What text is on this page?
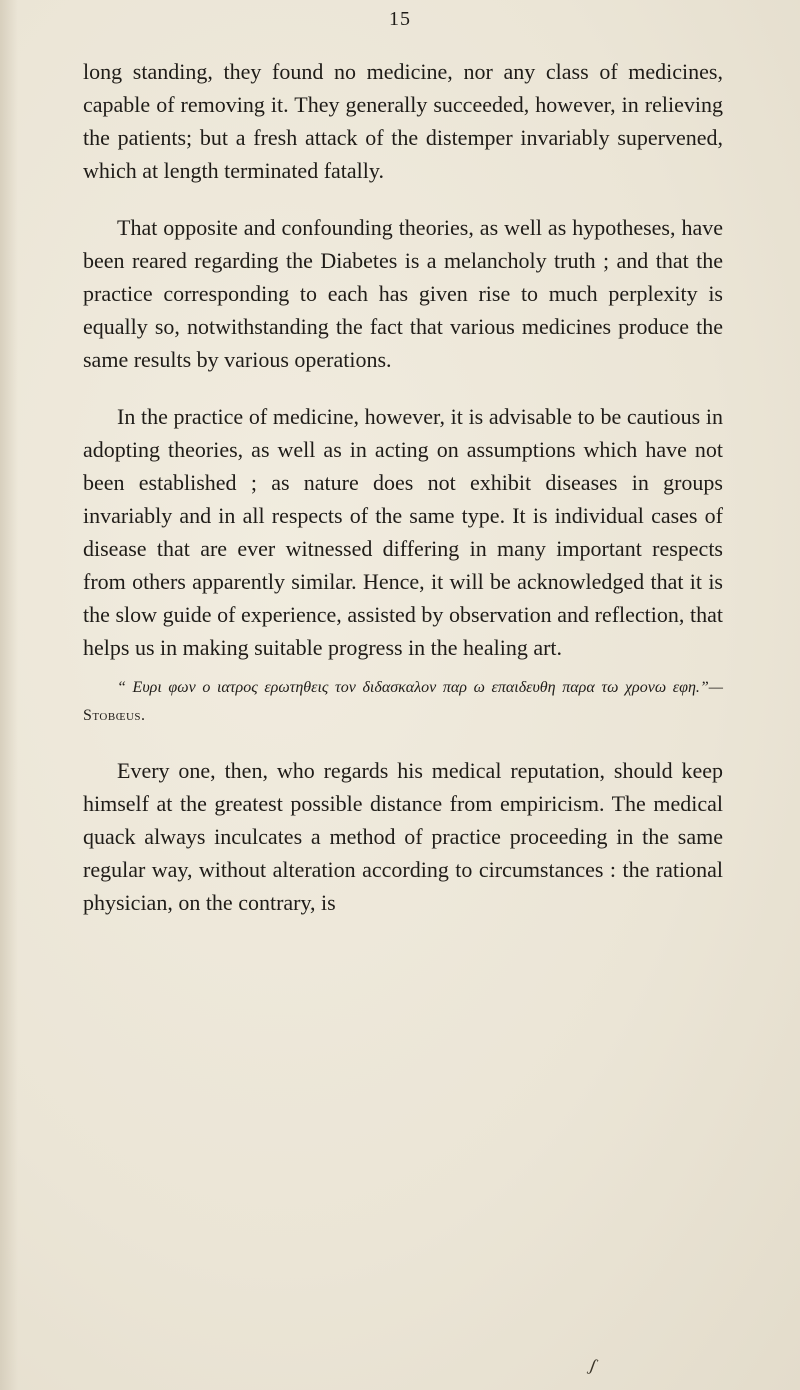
15

long standing, they found no medicine, nor any class of medicines, capable of removing it. They generally succeeded, however, in relieving the patients; but a fresh attack of the distemper invariably supervened, which at length terminated fatally.

That opposite and confounding theories, as well as hypotheses, have been reared regarding the Diabetes is a melancholy truth ; and that the practice corresponding to each has given rise to much perplexity is equally so, notwithstanding the fact that various medicines produce the same results by various operations.

In the practice of medicine, however, it is advisable to be cautious in adopting theories, as well as in acting on assumptions which have not been established ; as nature does not exhibit diseases in groups invariably and in all respects of the same type. It is individual cases of disease that are ever witnessed differing in many important respects from others apparently similar. Hence, it will be acknowledged that it is the slow guide of experience, assisted by observation and reflection, that helps us in making suitable progress in the healing art.

“ Ευρι φων ο ιατρος ερωτηθεις τον διδασκαλον παρ ω επαιδευθη παρα τω χρονω εφη.”—Stobœus.

Every one, then, who regards his medical reputation, should keep himself at the greatest possible distance from empiricism. The medical quack always inculcates a method of practice proceeding in the same regular way, without alteration according to circumstances : the rational physician, on the contrary, is

ʃ
